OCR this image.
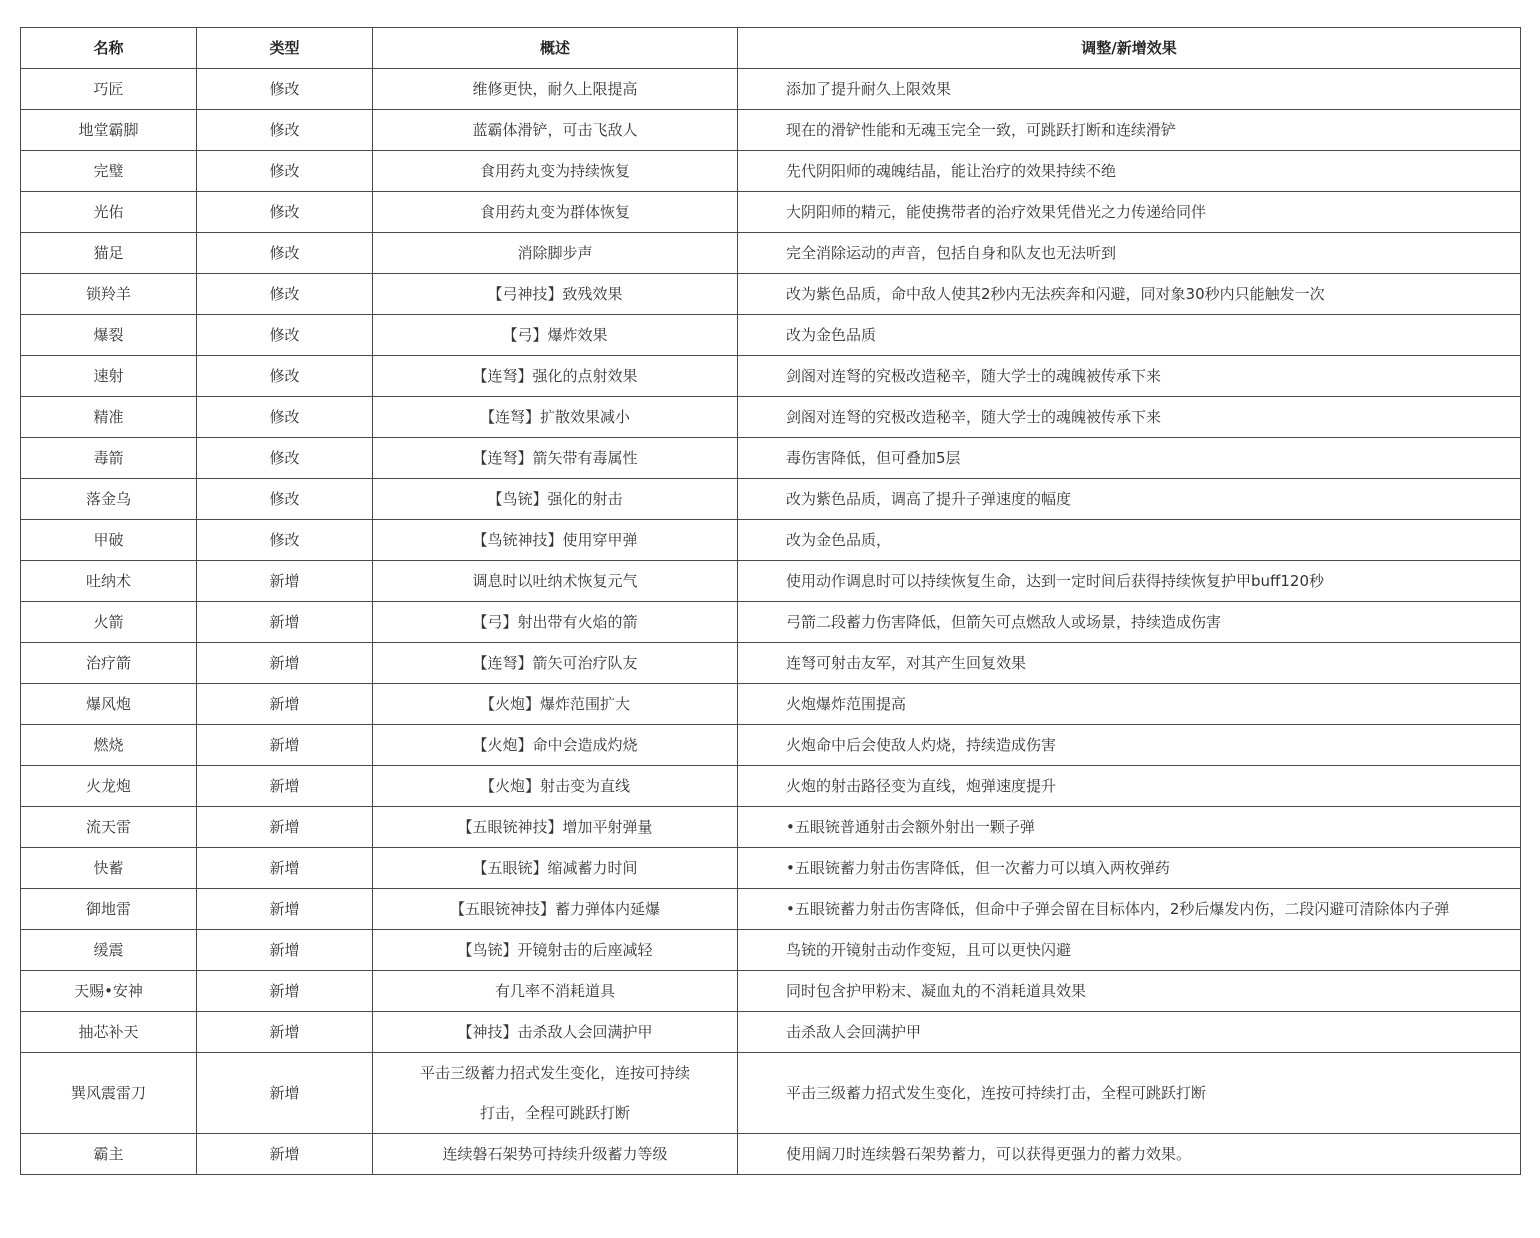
名称	类型	概述	调整/新增效果
巧匠	修改	维修更快，耐久上限提高	添加了提升耐久上限效果
地堂霸脚	修改	蓝霸体滑铲，可击飞敌人	现在的滑铲性能和无魂玉完全一致，可跳跃打断和连续滑铲
完璧	修改	食用药丸变为持续恢复	先代阴阳师的魂魄结晶，能让治疗的效果持续不绝
光佑	修改	食用药丸变为群体恢复	大阴阳师的精元，能使携带者的治疗效果凭借光之力传递给同伴
猫足	修改	消除脚步声	完全消除运动的声音，包括自身和队友也无法听到
锁羚羊	修改	【弓神技】致残效果	改为紫色品质，命中敌人使其2秒内无法疾奔和闪避，同对象30秒内只能触发一次
爆裂	修改	【弓】爆炸效果	改为金色品质
速射	修改	【连弩】强化的点射效果	剑阁对连弩的究极改造秘辛，随大学士的魂魄被传承下来
精准	修改	【连弩】扩散效果减小	剑阁对连弩的究极改造秘辛，随大学士的魂魄被传承下来
毒箭	修改	【连弩】箭矢带有毒属性	毒伤害降低，但可叠加5层
落金乌	修改	【鸟铳】强化的射击	改为紫色品质，调高了提升子弹速度的幅度
甲破	修改	【鸟铳神技】使用穿甲弹	改为金色品质，
吐纳术	新增	调息时以吐纳术恢复元气	使用动作调息时可以持续恢复生命，达到一定时间后获得持续恢复护甲buff120秒
火箭	新增	【弓】射出带有火焰的箭	弓箭二段蓄力伤害降低，但箭矢可点燃敌人或场景，持续造成伤害
治疗箭	新增	【连弩】箭矢可治疗队友	连弩可射击友军，对其产生回复效果
爆风炮	新增	【火炮】爆炸范围扩大	火炮爆炸范围提高
燃烧	新增	【火炮】命中会造成灼烧	火炮命中后会使敌人灼烧，持续造成伤害
火龙炮	新增	【火炮】射击变为直线	火炮的射击路径变为直线，炮弹速度提升
流天雷	新增	【五眼铳神技】增加平射弹量	•五眼铳普通射击会额外射出一颗子弹
快蓄	新增	【五眼铳】缩减蓄力时间	•五眼铳蓄力射击伤害降低，但一次蓄力可以填入两枚弹药
御地雷	新增	【五眼铳神技】蓄力弹体内延爆	•五眼铳蓄力射击伤害降低，但命中子弹会留在目标体内，2秒后爆发内伤，二段闪避可清除体内子弹
缓震	新增	【鸟铳】开镜射击的后座减轻	鸟铳的开镜射击动作变短，且可以更快闪避
天赐•安神	新增	有几率不消耗道具	同时包含护甲粉末、凝血丸的不消耗道具效果
抽芯补天	新增	【神技】击杀敌人会回满护甲	击杀敌人会回满护甲
巽风震雷刀	新增	平击三级蓄力招式发生变化，连按可持续打击，全程可跳跃打断	平击三级蓄力招式发生变化，连按可持续打击，全程可跳跃打断
霸主	新增	连续磐石架势可持续升级蓄力等级	使用阔刀时连续磐石架势蓄力，可以获得更强力的蓄力效果。
